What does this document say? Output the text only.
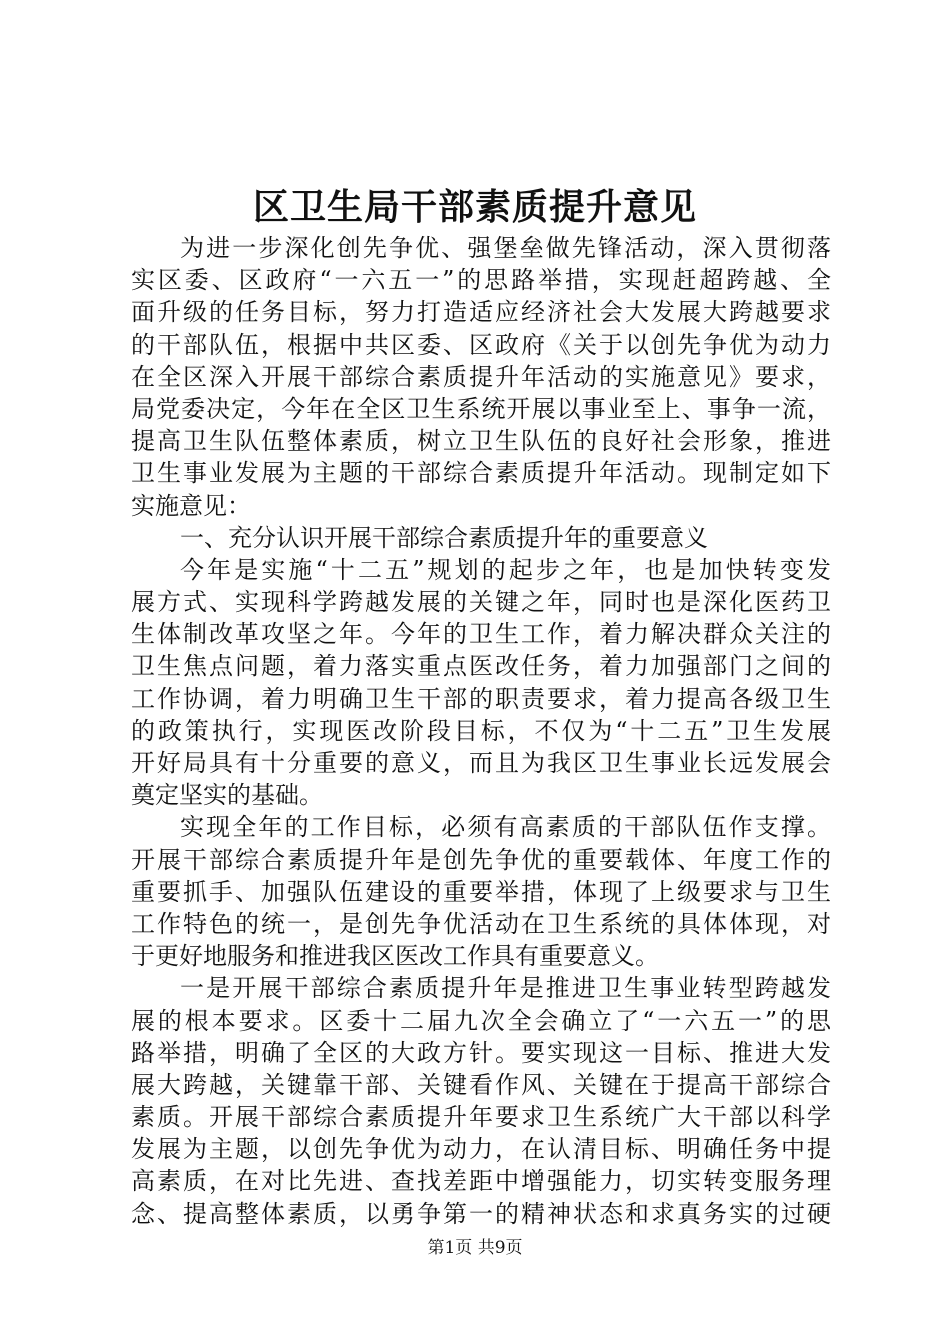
区卫生局干部素质提升意见
为进一步深化创先争优、强堡垒做先锋活动，深入贯彻落
实区委、区政府“一六五一”的思路举措，实现赶超跨越、全
面升级的任务目标，努力打造适应经济社会大发展大跨越要求
的干部队伍，根据中共区委、区政府《关于以创先争优为动力
在全区深入开展干部综合素质提升年活动的实施意见》要求，
局党委决定，今年在全区卫生系统开展以事业至上、事争一流，
提高卫生队伍整体素质，树立卫生队伍的良好社会形象，推进
卫生事业发展为主题的干部综合素质提升年活动。现制定如下
实施意见：
一、充分认识开展干部综合素质提升年的重要意义
今年是实施“十二五”规划的起步之年，也是加快转变发
展方式、实现科学跨越发展的关键之年，同时也是深化医药卫
生体制改革攻坚之年。今年的卫生工作，着力解决群众关注的
卫生焦点问题，着力落实重点医改任务，着力加强部门之间的
工作协调，着力明确卫生干部的职责要求，着力提高各级卫生
的政策执行，实现医改阶段目标，不仅为“十二五”卫生发展
开好局具有十分重要的意义，而且为我区卫生事业长远发展会
奠定坚实的基础。
实现全年的工作目标，必须有高素质的干部队伍作支撑。
开展干部综合素质提升年是创先争优的重要载体、年度工作的
重要抓手、加强队伍建设的重要举措，体现了上级要求与卫生
工作特色的统一，是创先争优活动在卫生系统的具体体现，对
于更好地服务和推进我区医改工作具有重要意义。
一是开展干部综合素质提升年是推进卫生事业转型跨越发
展的根本要求。区委十二届九次全会确立了“一六五一”的思
路举措，明确了全区的大政方针。要实现这一目标、推进大发
展大跨越，关键靠干部、关键看作风、关键在于提高干部综合
素质。开展干部综合素质提升年要求卫生系统广大干部以科学
发展为主题，以创先争优为动力，在认清目标、明确任务中提
高素质，在对比先进、查找差距中增强能力，切实转变服务理
念、提高整体素质，以勇争第一的精神状态和求真务实的过硬
第1页 共9页
